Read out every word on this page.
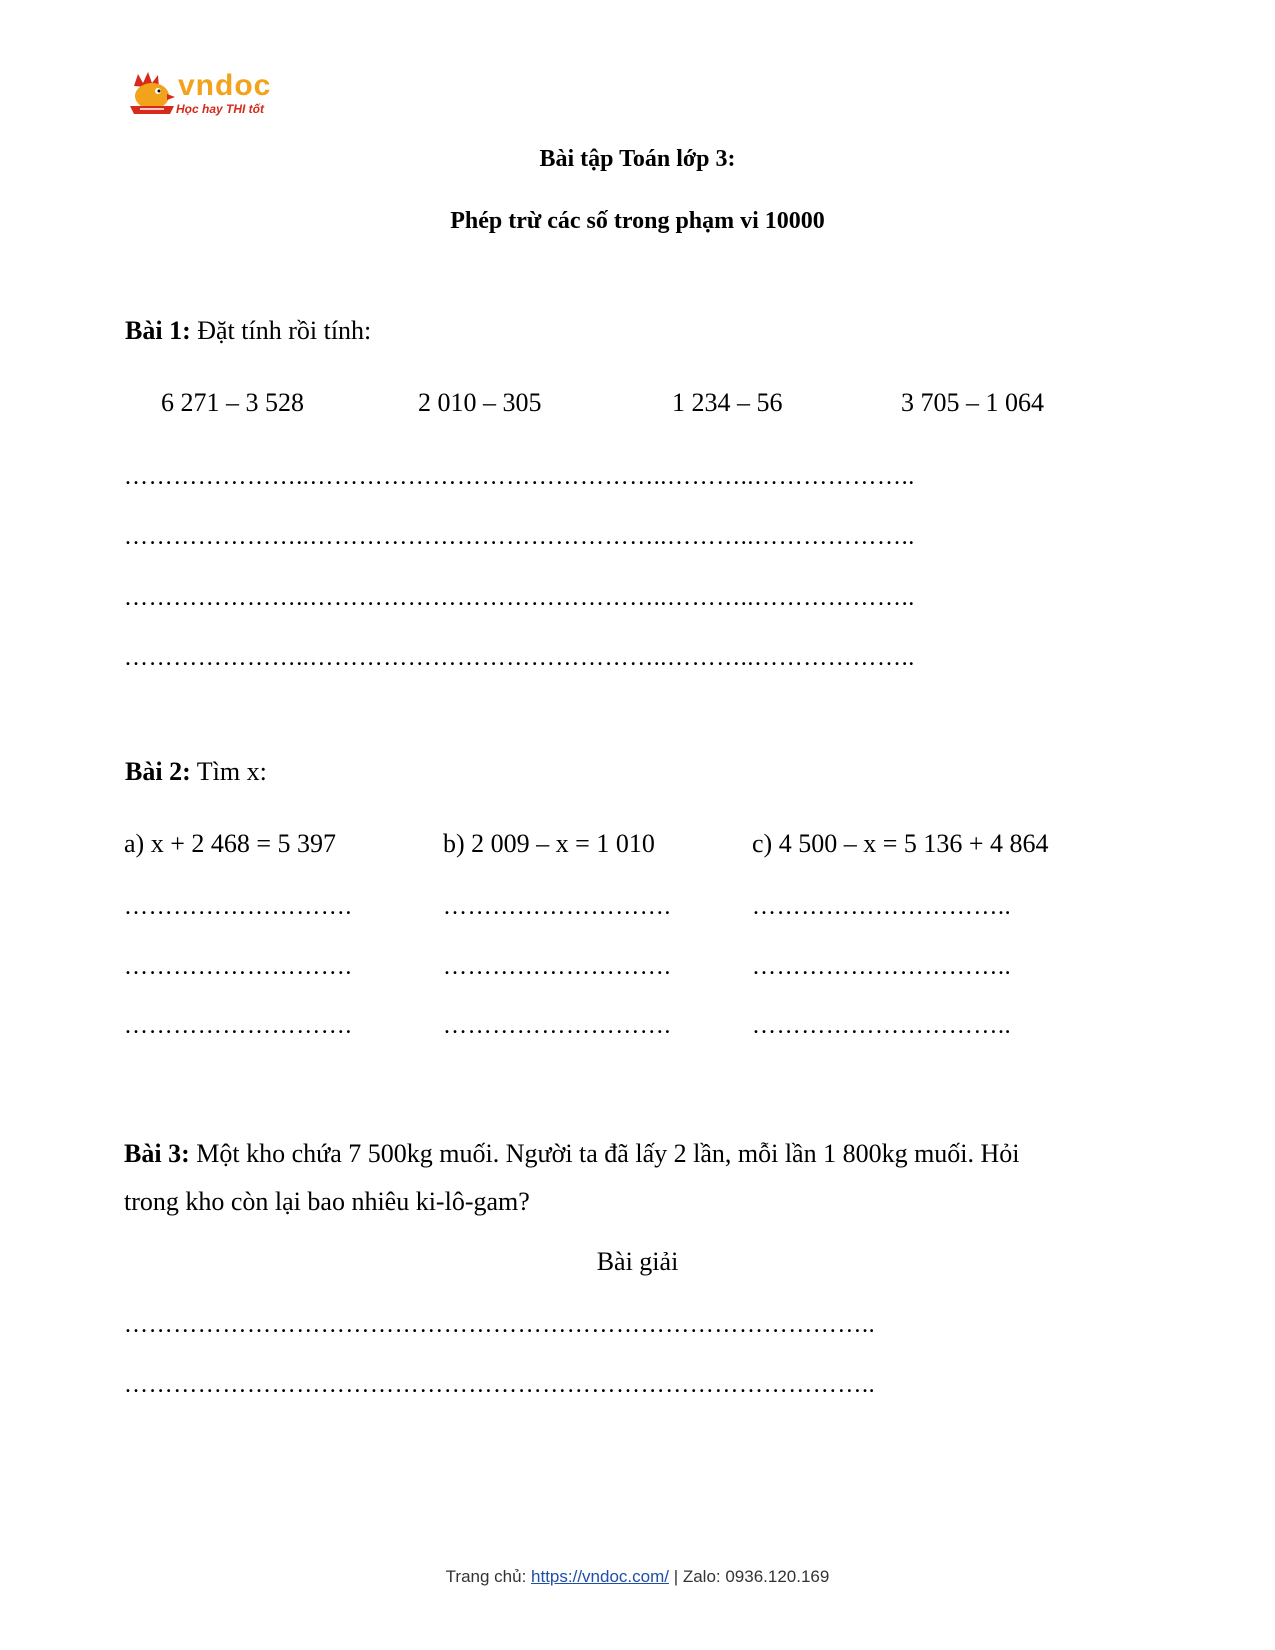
vndoc
Học hay THI tốt
Bài tập Toán lớp 3:
Phép trừ các số trong phạm vi 10000
Bài 1: Đặt tính rồi tính:
6 271 – 3 528	2 010 – 305	1 234 – 56	3 705 – 1 064
…………………..……………………………………..………..………………..
…………………..……………………………………..………..………………..
…………………..……………………………………..………..………………..
…………………..……………………………………..………..………………..
Bài 2: Tìm x:
a) x + 2 468 = 5 397	b) 2 009 – x = 1 010	c) 4 500 – x = 5 136 + 4 864
……………………….	……………………….	…………………………..
……………………….	……………………….	…………………………..
……………………….	……………………….	…………………………..
Bài 3: Một kho chứa 7 500kg muối. Người ta đã lấy 2 lần, mỗi lần 1 800kg muối. Hỏi
trong kho còn lại bao nhiêu ki-lô-gam?
Bài giải
………………………………………………………………………………..
………………………………………………………………………………..
Trang chủ: https://vndoc.com/ | Zalo: 0936.120.169
